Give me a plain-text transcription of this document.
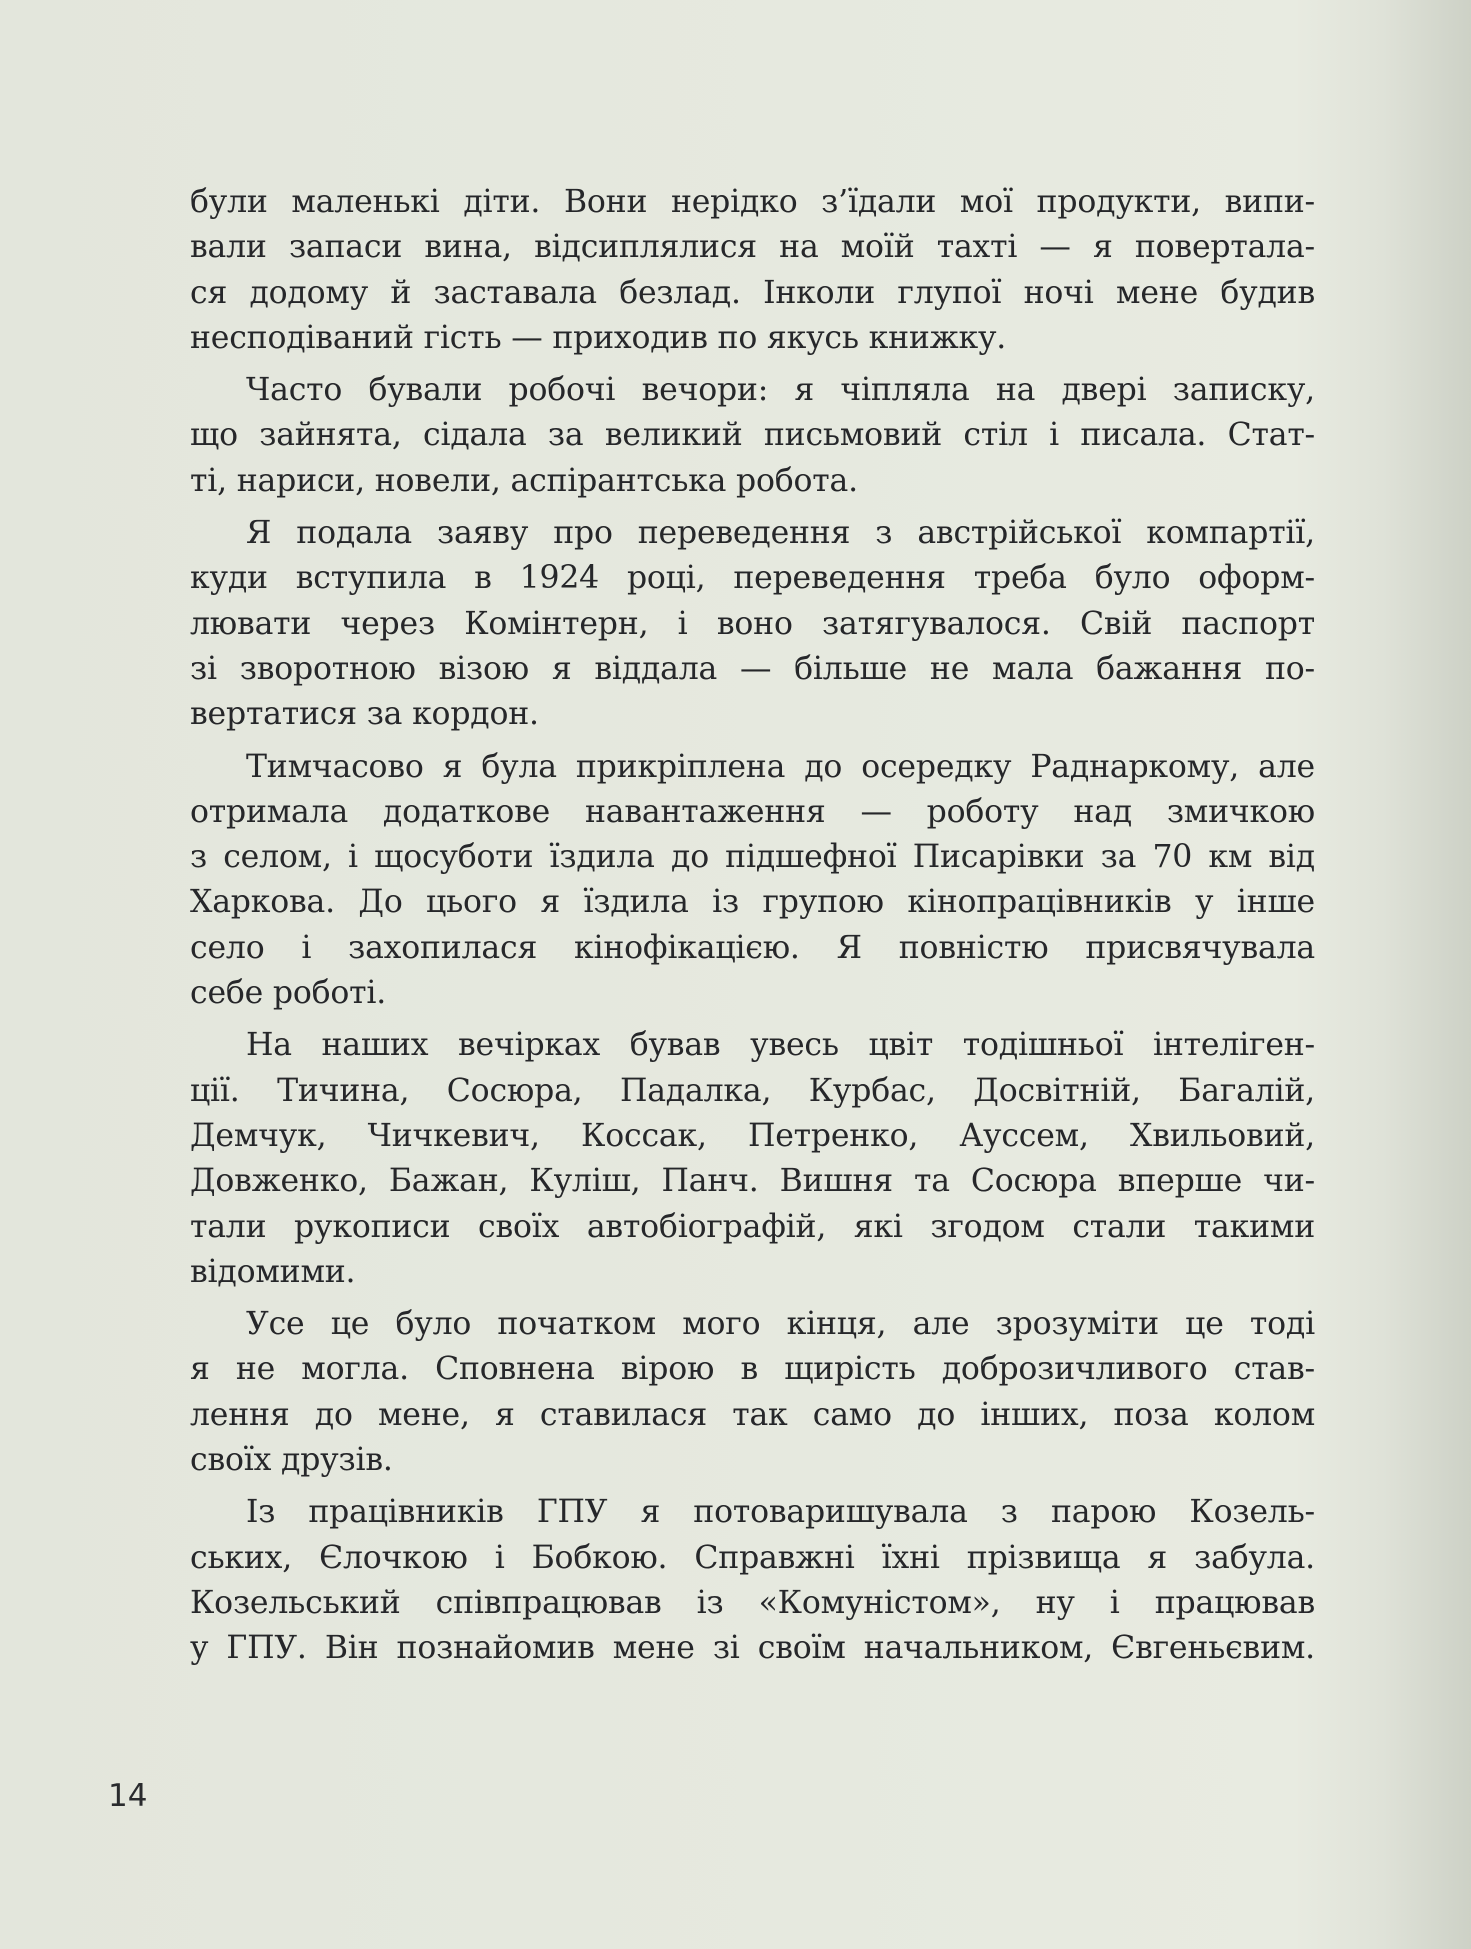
були маленькі діти. Вони нерідко з’їдали мої продукти, випи-
вали запаси вина, відсиплялися на моїй тахті — я повертала-
ся додому й заставала безлад. Інколи глупої ночі мене будив
несподіваний гість — приходив по якусь книжку.

Часто бували робочі вечори: я чіпляла на двері записку,
що зайнята, сідала за великий письмовий стіл і писала. Стат-
ті, нариси, новели, аспірантська робота.

Я подала заяву про переведення з австрійської компартії,
куди вступила в 1924 році, переведення треба було оформ-
лювати через Комінтерн, і воно затягувалося. Свій паспорт
зі зворотною візою я віддала — більше не мала бажання по-
вертатися за кордон.

Тимчасово я була прикріплена до осередку Раднаркому, але
отримала додаткове навантаження — роботу над змичкою
з селом, і щосуботи їздила до підшефної Писарівки за 70 км від
Харкова. До цього я їздила із групою кінопрацівників у інше
село і захопилася кінофікацією. Я повністю присвячувала
себе роботі.

На наших вечірках бував увесь цвіт тодішньої інтеліген-
ції. Тичина, Сосюра, Падалка, Курбас, Досвітній, Багалій,
Демчук, Чичкевич, Коссак, Петренко, Ауссем, Хвильовий,
Довженко, Бажан, Куліш, Панч. Вишня та Сосюра вперше чи-
тали рукописи своїх автобіографій, які згодом стали такими
відомими.

Усе це було початком мого кінця, але зрозуміти це тоді
я не могла. Сповнена вірою в щирість доброзичливого став-
лення до мене, я ставилася так само до інших, поза колом
своїх друзів.

Із працівників ГПУ я потоваришувала з парою Козель-
ських, Єлочкою і Бобкою. Справжні їхні прізвища я забула.
Козельський співпрацював із «Комуністом», ну і працював
у ГПУ. Він познайомив мене зі своїм начальником, Євгеньєвим.

14
